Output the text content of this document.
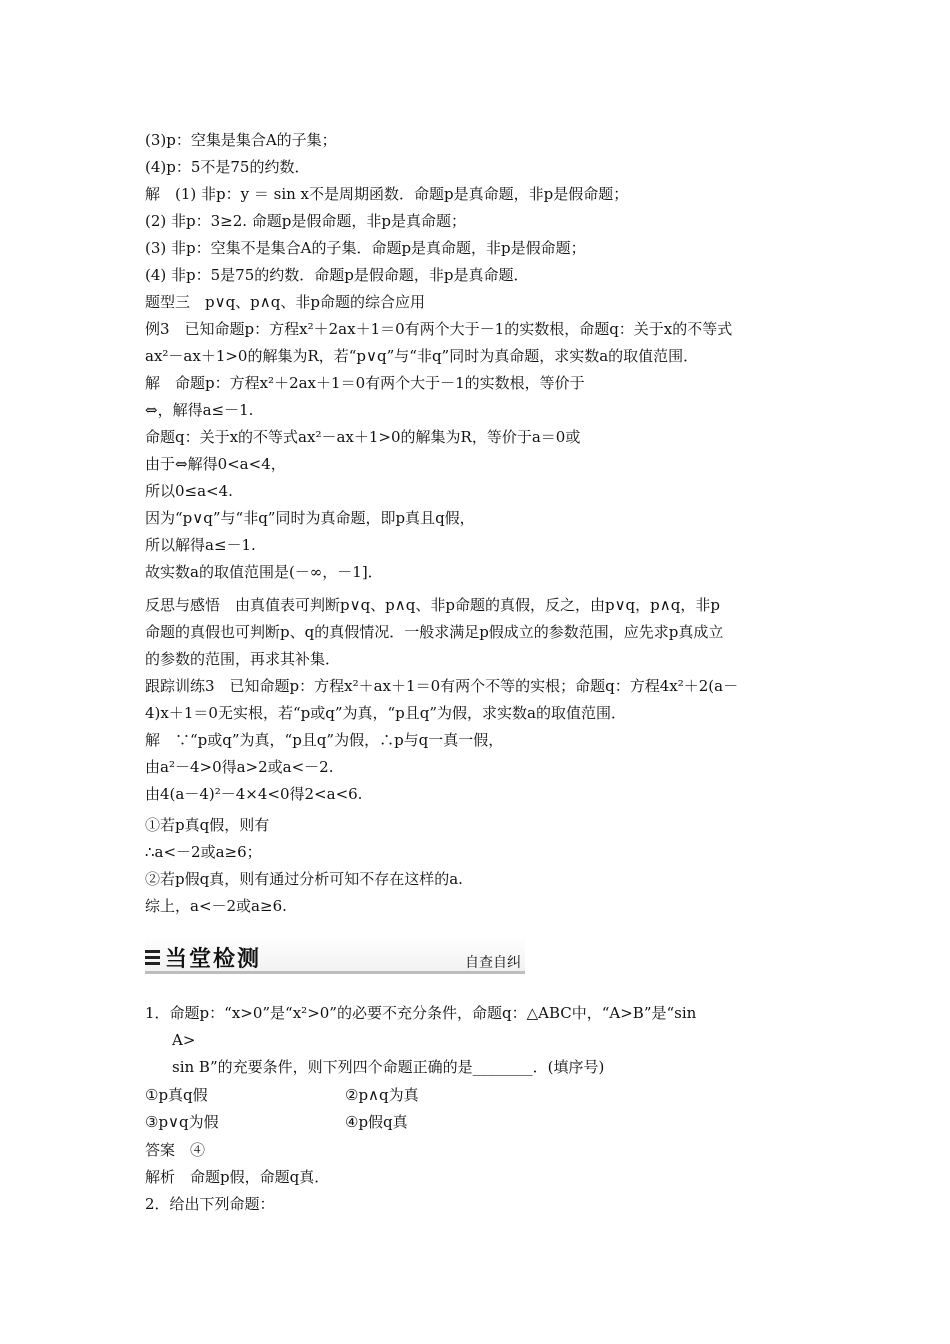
(3)p：空集是集合A的子集；
(4)p：5不是75的约数．
解　(1) 非p：y ＝ sin x不是周期函数．命题p是真命题，非p是假命题；
(2) 非p：3≥2. 命题p是假命题，非p是真命题；
(3) 非p：空集不是集合A的子集．命题p是真命题，非p是假命题；
(4) 非p：5是75的约数．命题p是假命题，非p是真命题．
题型三　p∨q、p∧q、非p命题的综合应用
例3　已知命题p：方程x²＋2ax＋1＝0有两个大于－1的实数根，命题q：关于x的不等式
ax²－ax＋1>0的解集为R，若“p∨q”与“非q”同时为真命题，求实数a的取值范围．
解　命题p：方程x²＋2ax＋1＝0有两个大于－1的实数根，等价于
⇔，解得a≤－1.
命题q：关于x的不等式ax²－ax＋1>0的解集为R，等价于a＝0或
由于⇔解得0<a<4，
所以0≤a<4.
因为“p∨q”与“非q”同时为真命题，即p真且q假，
所以解得a≤－1.
故实数a的取值范围是(－∞，－1]．
反思与感悟　由真值表可判断p∨q、p∧q、非p命题的真假，反之，由p∨q，p∧q，非p
命题的真假也可判断p、q的真假情况．一般求满足p假成立的参数范围，应先求p真成立
的参数的范围，再求其补集．
跟踪训练3　已知命题p：方程x²＋ax＋1＝0有两个不等的实根；命题q：方程4x²＋2(a－
4)x＋1＝0无实根，若“p或q”为真，“p且q”为假，求实数a的取值范围．
解　∵“p或q”为真，“p且q”为假，∴p与q一真一假，
由a²－4>0得a>2或a<－2.
由4(a－4)²－4×4<0得2<a<6.
①若p真q假，则有
∴a<－2或a≥6；
②若p假q真，则有通过分析可知不存在这样的a.
综上，a<－2或a≥6.
当堂检测	自查自纠
1．命题p：“x>0”是“x²>0”的必要不充分条件，命题q：△ABC中，“A>B”是“sin
A>
sin B”的充要条件，则下列四个命题正确的是________．(填序号)
①p真q假	②p∧q为真
③p∨q为假	④p假q真
答案　④
解析　命题p假，命题q真．
2．给出下列命题：
